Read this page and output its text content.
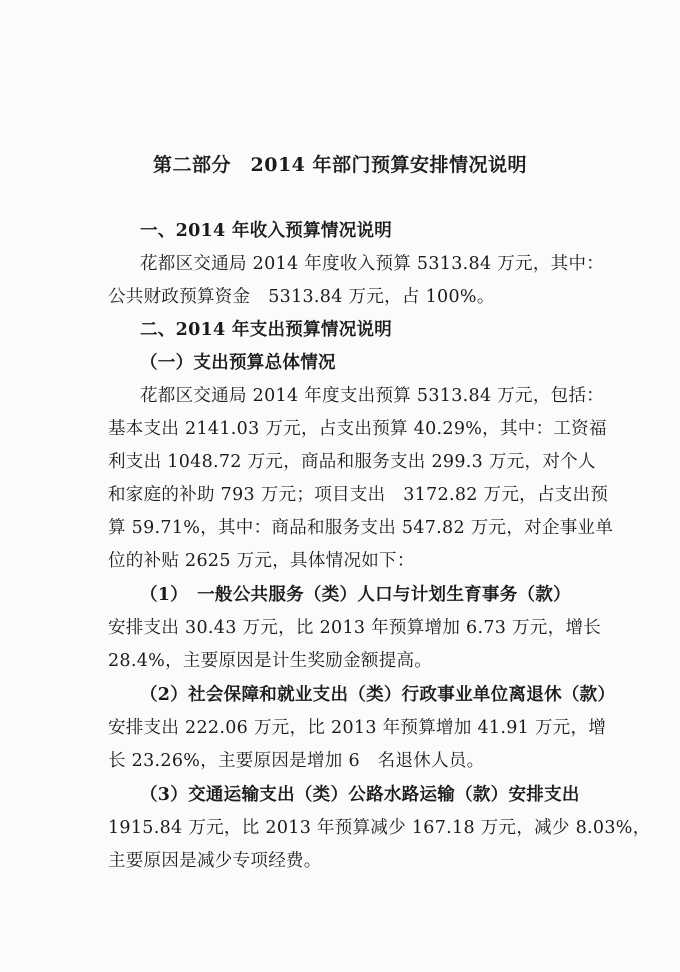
第二部分　2014 年部门预算安排情况说明
一、2014 年收入预算情况说明
花都区交通局 2014 年度收入预算 5313.84 万元，其中：
公共财政预算资金　5313.84 万元，占 100%。
二、2014 年支出预算情况说明
（一）支出预算总体情况
花都区交通局 2014 年度支出预算 5313.84 万元，包括：
基本支出 2141.03 万元，占支出预算 40.29%，其中：工资福
利支出 1048.72 万元，商品和服务支出 299.3 万元，对个人
和家庭的补助 793 万元；项目支出　3172.82 万元，占支出预
算 59.71%，其中：商品和服务支出 547.82 万元，对企事业单
位的补贴 2625 万元，具体情况如下：
（1）　一般公共服务（类）人口与计划生育事务（款）
安排支出 30.43 万元，比 2013 年预算增加 6.73 万元，增长
28.4%，主要原因是计生奖励金额提高。
（2）社会保障和就业支出（类）行政事业单位离退休（款）
安排支出 222.06 万元，比 2013 年预算增加 41.91 万元，增
长 23.26%，主要原因是增加 6　名退休人员。
（3）交通运输支出（类）公路水路运输（款）安排支出
1915.84 万元，比 2013 年预算减少 167.18 万元，减少 8.03%，
主要原因是减少专项经费。
